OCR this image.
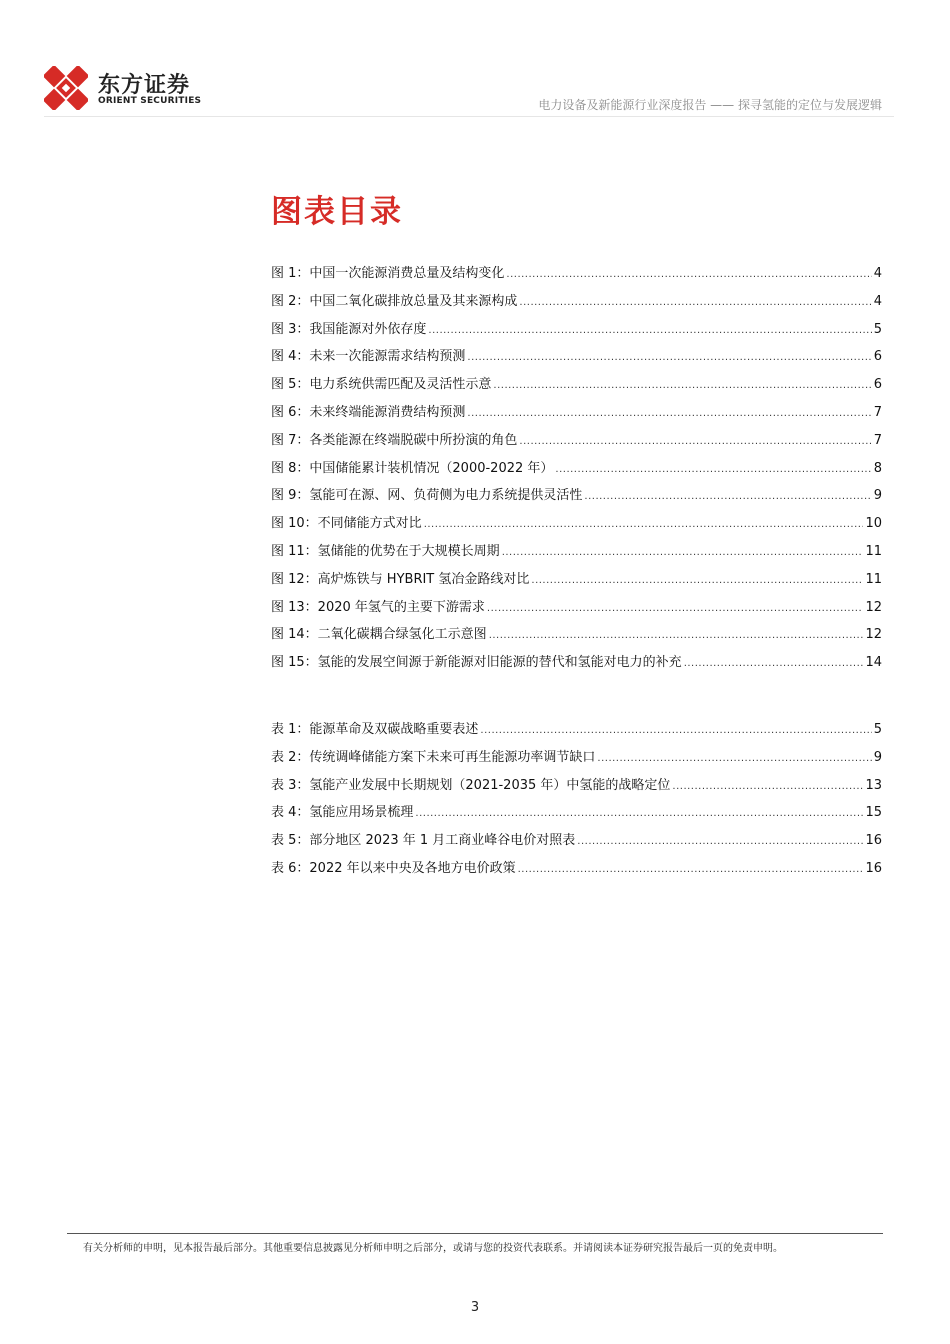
东方证券
ORIENT SECURITIES	电力设备及新能源行业深度报告 —— 探寻氢能的定位与发展逻辑
图表目录
图 1：中国一次能源消费总量及结构变化 .....	4
图 2：中国二氧化碳排放总量及其来源构成 .....	4
图 3：我国能源对外依存度 .....	5
图 4：未来一次能源需求结构预测 .....	6
图 5：电力系统供需匹配及灵活性示意 .....	6
图 6：未来终端能源消费结构预测 .....	7
图 7：各类能源在终端脱碳中所扮演的角色 .....	7
图 8：中国储能累计装机情况（2000-2022 年） .....	8
图 9：氢能可在源、网、负荷侧为电力系统提供灵活性 .....	9
图 10：不同储能方式对比 .....	10
图 11：氢储能的优势在于大规模长周期 .....	11
图 12：高炉炼铁与 HYBRIT 氢冶金路线对比 .....	11
图 13：2020 年氢气的主要下游需求 .....	12
图 14：二氧化碳耦合绿氢化工示意图 .....	12
图 15：氢能的发展空间源于新能源对旧能源的替代和氢能对电力的补充 .....	14
表 1：能源革命及双碳战略重要表述 .....	5
表 2：传统调峰储能方案下未来可再生能源功率调节缺口 .....	9
表 3：氢能产业发展中长期规划（2021-2035 年）中氢能的战略定位 .....	13
表 4：氢能应用场景梳理 .....	15
表 5：部分地区 2023 年 1 月工商业峰谷电价对照表 .....	16
表 6：2022 年以来中央及各地方电价政策 .....	16
有关分析师的申明，见本报告最后部分。其他重要信息披露见分析师申明之后部分，或请与您的投资代表联系。并请阅读本证券研究报告最后一页的免责申明。
3
